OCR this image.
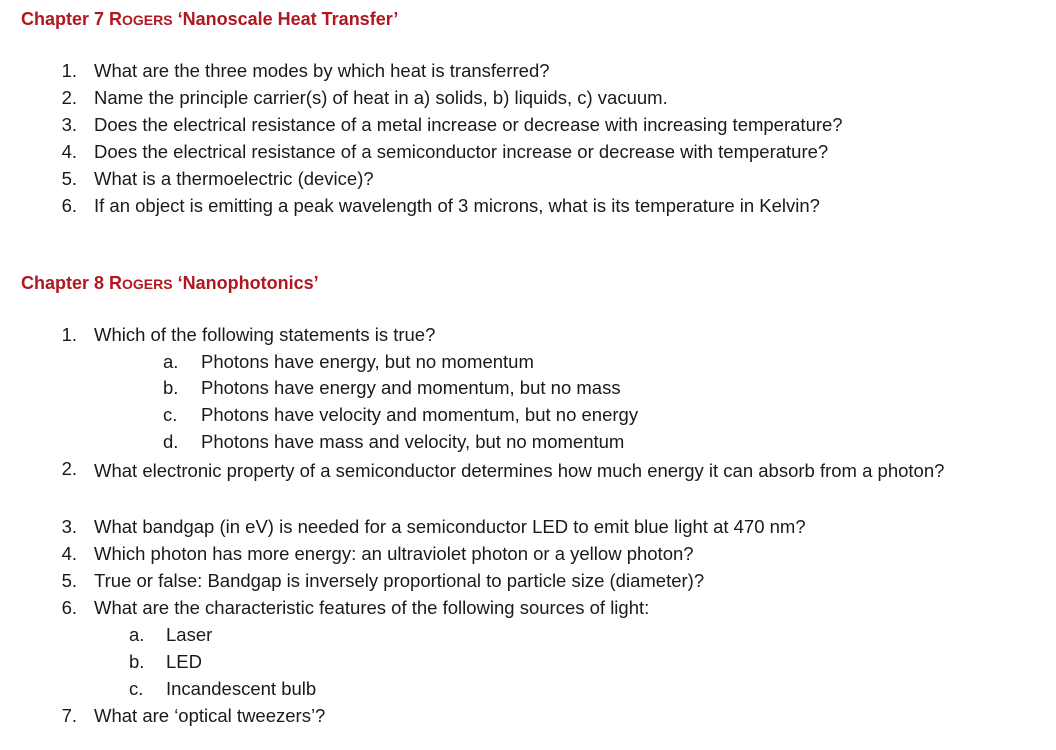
Chapter 7 ROGERS ‘Nanoscale Heat Transfer’
1. What are the three modes by which heat is transferred?
2. Name the principle carrier(s) of heat in a) solids, b) liquids, c) vacuum.
3. Does the electrical resistance of a metal increase or decrease with increasing temperature?
4. Does the electrical resistance of a semiconductor increase or decrease with temperature?
5. What is a thermoelectric (device)?
6. If an object is emitting a peak wavelength of 3 microns, what is its temperature in Kelvin?
Chapter 8 ROGERS ‘Nanophotonics’
1. Which of the following statements is true?
a. Photons have energy, but no momentum
b. Photons have energy and momentum, but no mass
c. Photons have velocity and momentum, but no energy
d. Photons have mass and velocity, but no momentum
2. What electronic property of a semiconductor determines how much energy it can absorb from a photon?
3. What bandgap (in eV) is needed for a semiconductor LED to emit blue light at 470 nm?
4. Which photon has more energy: an ultraviolet photon or a yellow photon?
5. True or false: Bandgap is inversely proportional to particle size (diameter)?
6. What are the characteristic features of the following sources of light:
a. Laser
b. LED
c. Incandescent bulb
7. What are ‘optical tweezers’?
